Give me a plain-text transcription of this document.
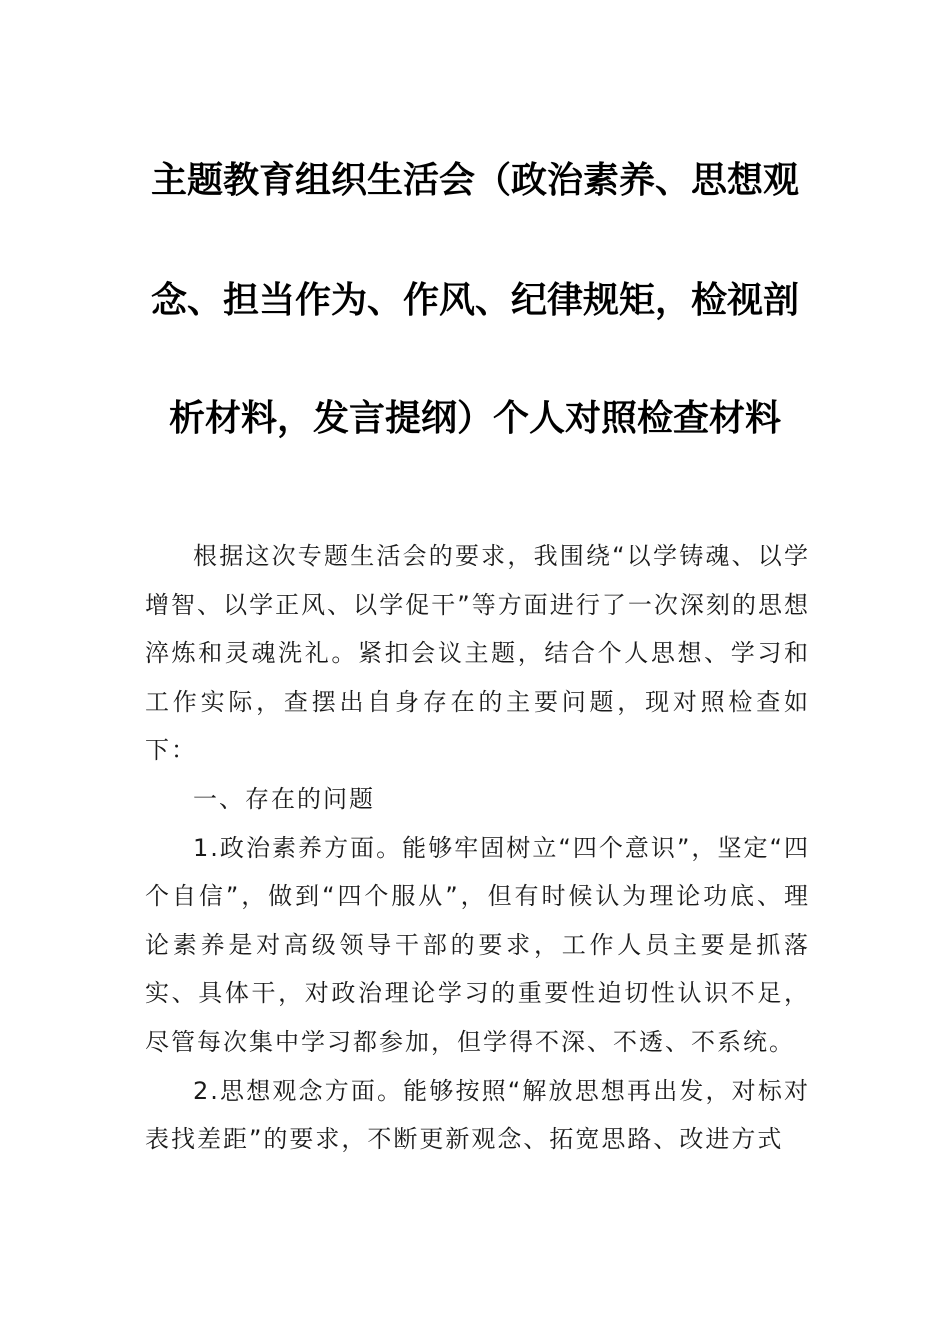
主题教育组织生活会（政治素养、思想观
念、担当作为、作风、纪律规矩，检视剖
析材料，发言提纲）个人对照检查材料

根据这次专题生活会的要求，我围绕“以学铸魂、以学增智、以学正风、以学促干”等方面进行了一次深刻的思想淬炼和灵魂洗礼。紧扣会议主题，结合个人思想、学习和工作实际，查摆出自身存在的主要问题，现对照检查如下：

一、存在的问题

1.政治素养方面。能够牢固树立“四个意识”，坚定“四个自信”，做到“四个服从”，但有时候认为理论功底、理论素养是对高级领导干部的要求，工作人员主要是抓落实、具体干，对政治理论学习的重要性迫切性认识不足，尽管每次集中学习都参加，但学得不深、不透、不系统。

2.思想观念方面。能够按照“解放思想再出发，对标对表找差距”的要求，不断更新观念、拓宽思路、改进方式
